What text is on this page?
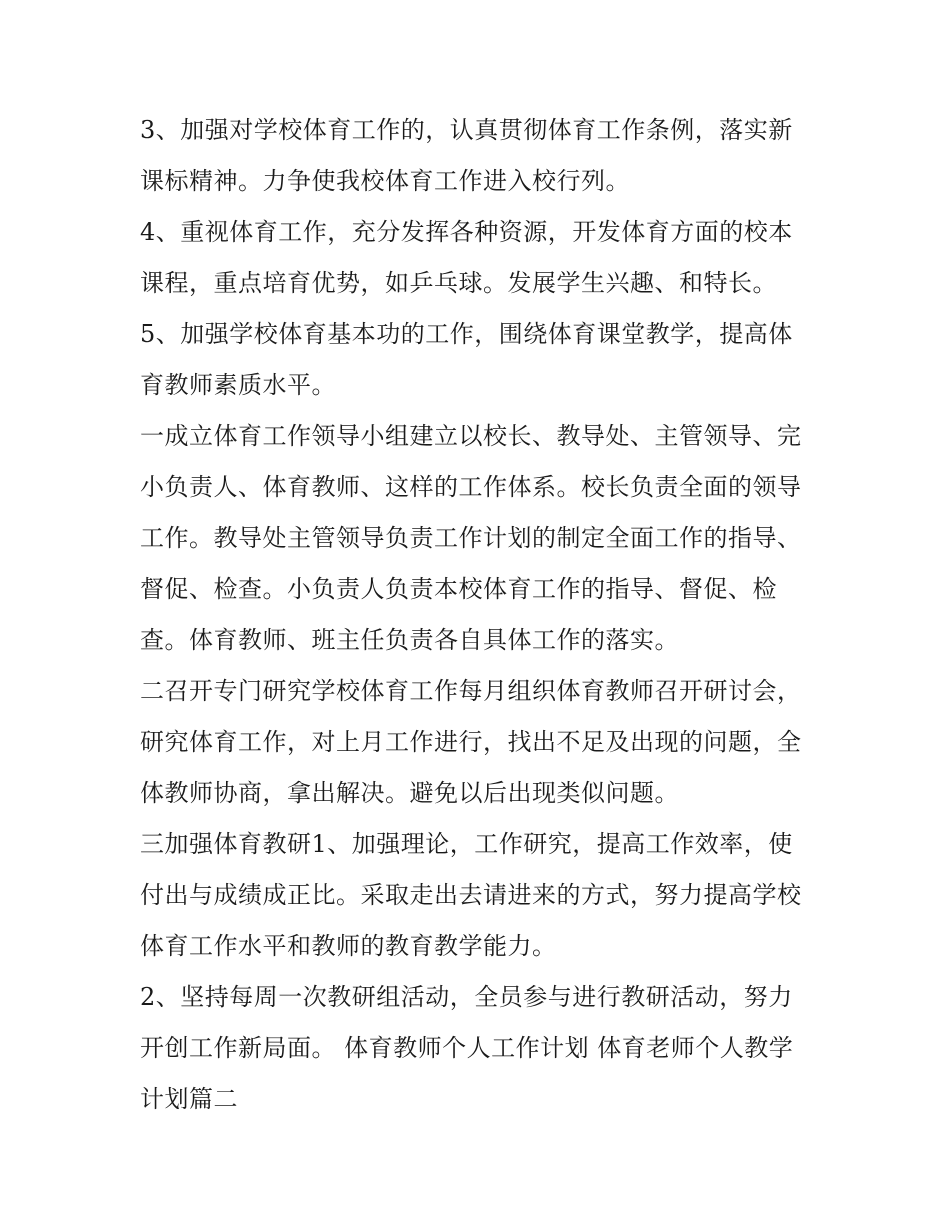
3、加强对学校体育工作的，认真贯彻体育工作条例，落实新
课标精神。力争使我校体育工作进入校行列。
4、重视体育工作，充分发挥各种资源，开发体育方面的校本
课程，重点培育优势，如乒乓球。发展学生兴趣、和特长。
5、加强学校体育基本功的工作，围绕体育课堂教学，提高体
育教师素质水平。
一成立体育工作领导小组建立以校长、教导处、主管领导、完
小负责人、体育教师、这样的工作体系。校长负责全面的领导
工作。教导处主管领导负责工作计划的制定全面工作的指导、
督促、检查。小负责人负责本校体育工作的指导、督促、检
查。体育教师、班主任负责各自具体工作的落实。
二召开专门研究学校体育工作每月组织体育教师召开研讨会，
研究体育工作，对上月工作进行，找出不足及出现的问题，全
体教师协商，拿出解决。避免以后出现类似问题。
三加强体育教研1、加强理论，工作研究，提高工作效率，使
付出与成绩成正比。采取走出去请进来的方式，努力提高学校
体育工作水平和教师的教育教学能力。
2、坚持每周一次教研组活动，全员参与进行教研活动，努力
开创工作新局面。 体育教师个人工作计划 体育老师个人教学
计划篇二
